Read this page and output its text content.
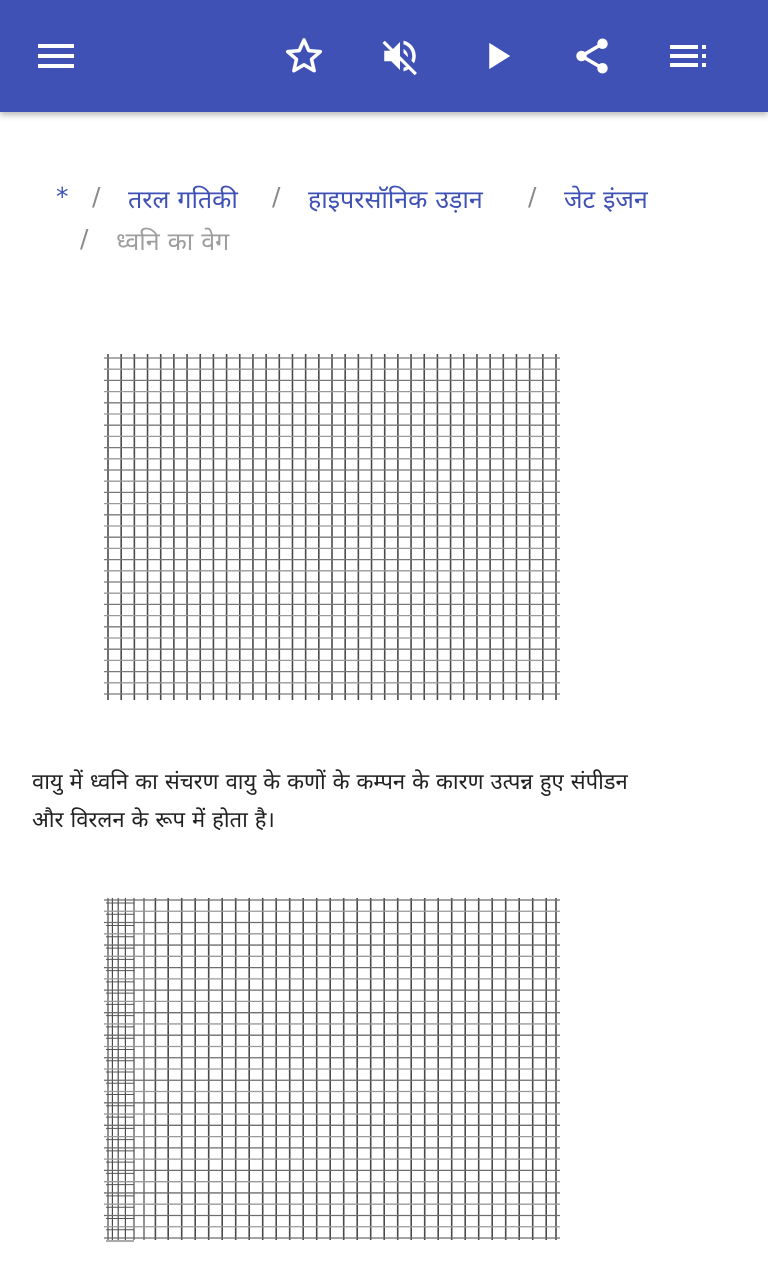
* / तरल गतिकी / हाइपरसॉनिक उड़ान / जेट इंजन
/ ध्वनि का वेग

वायु में ध्वनि का संचरण वायु के कणों के कम्पन के कारण उत्पन्न हुए संपीडन और विरलन के रूप में होता है।
